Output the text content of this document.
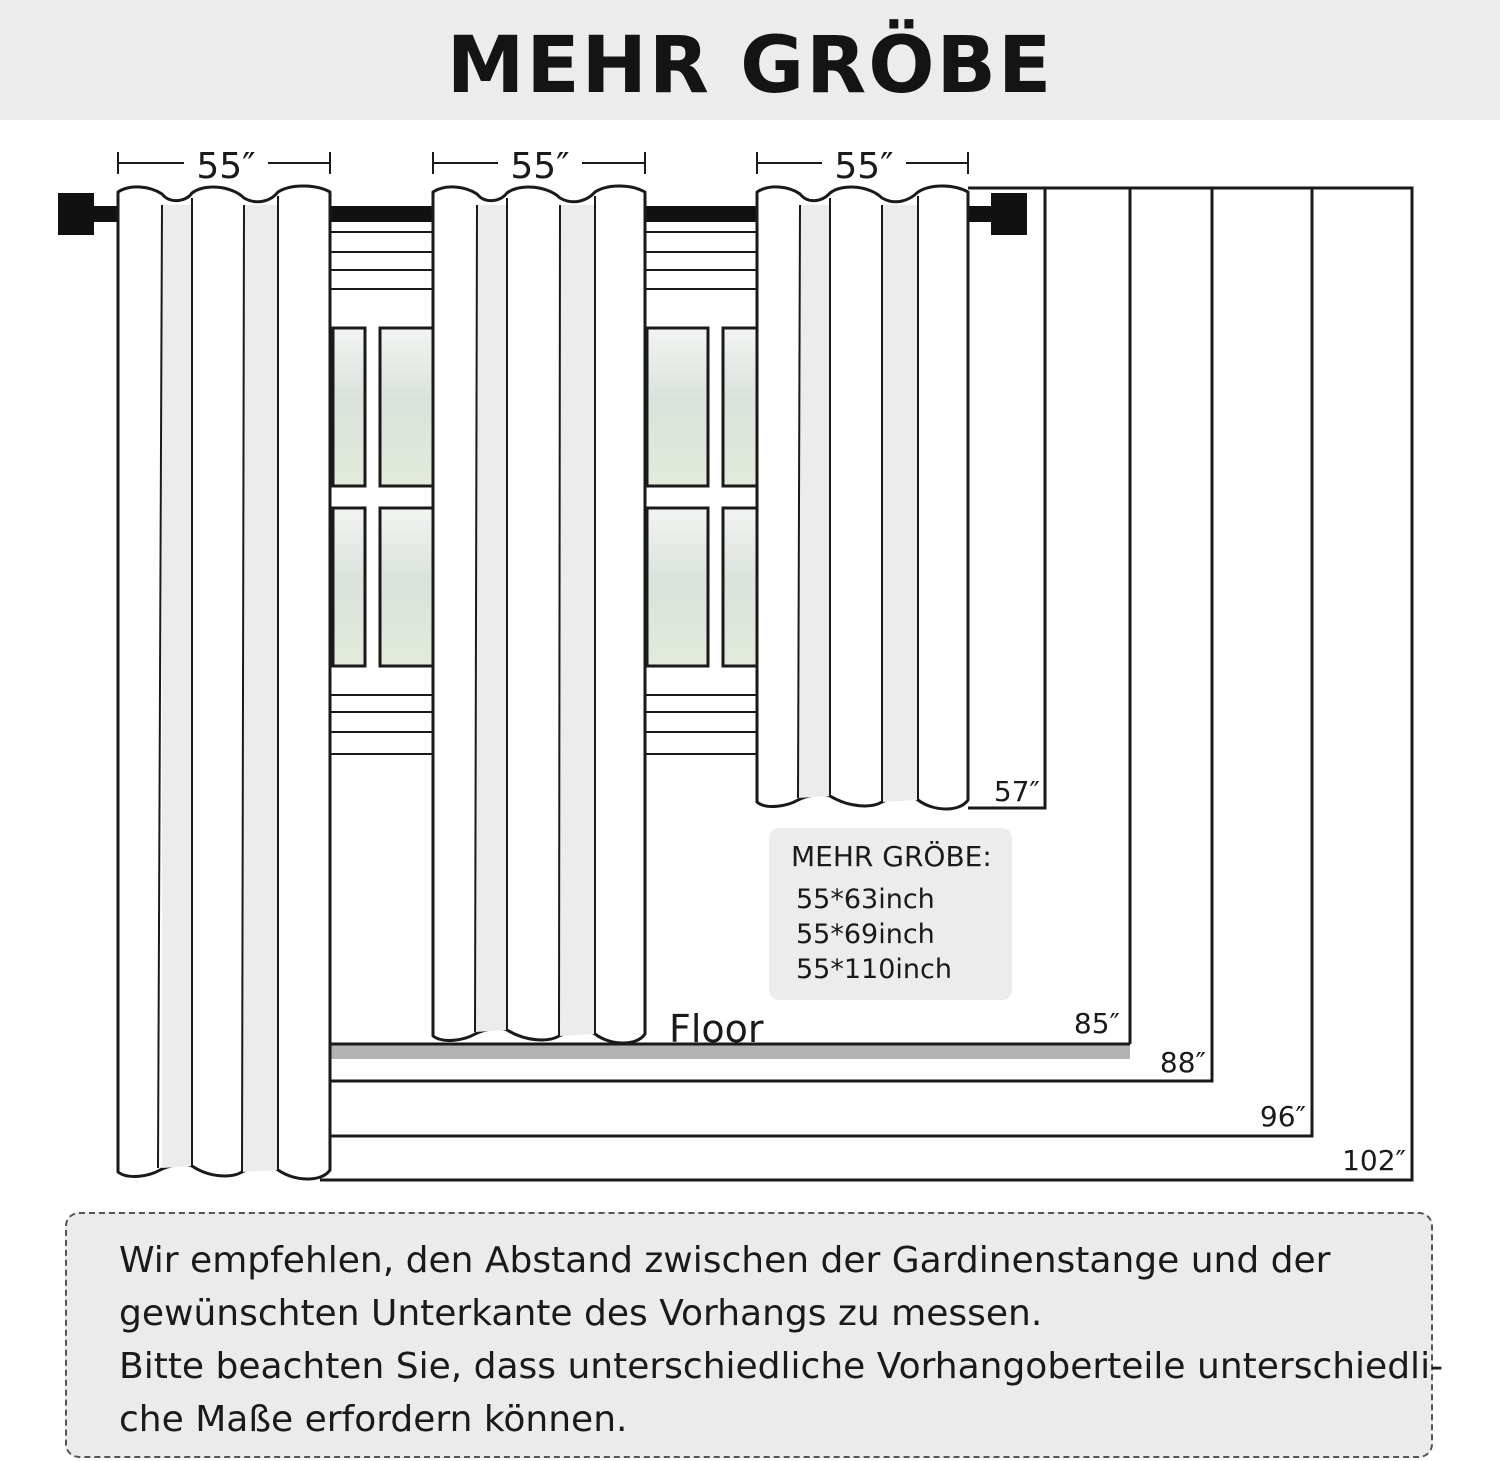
MEHR GRÖBE
55″	55″	55″
57″
85″
88″
96″
102″
Floor
MEHR GRÖBE:
55*63inch
55*69inch
55*110inch

Wir empfehlen, den Abstand zwischen der Gardinenstange und der

gewünschten Unterkante des Vorhangs zu messen.

Bitte beachten Sie, dass unterschiedliche Vorhangoberteile unterschiedli-

che Maße erfordern können.
